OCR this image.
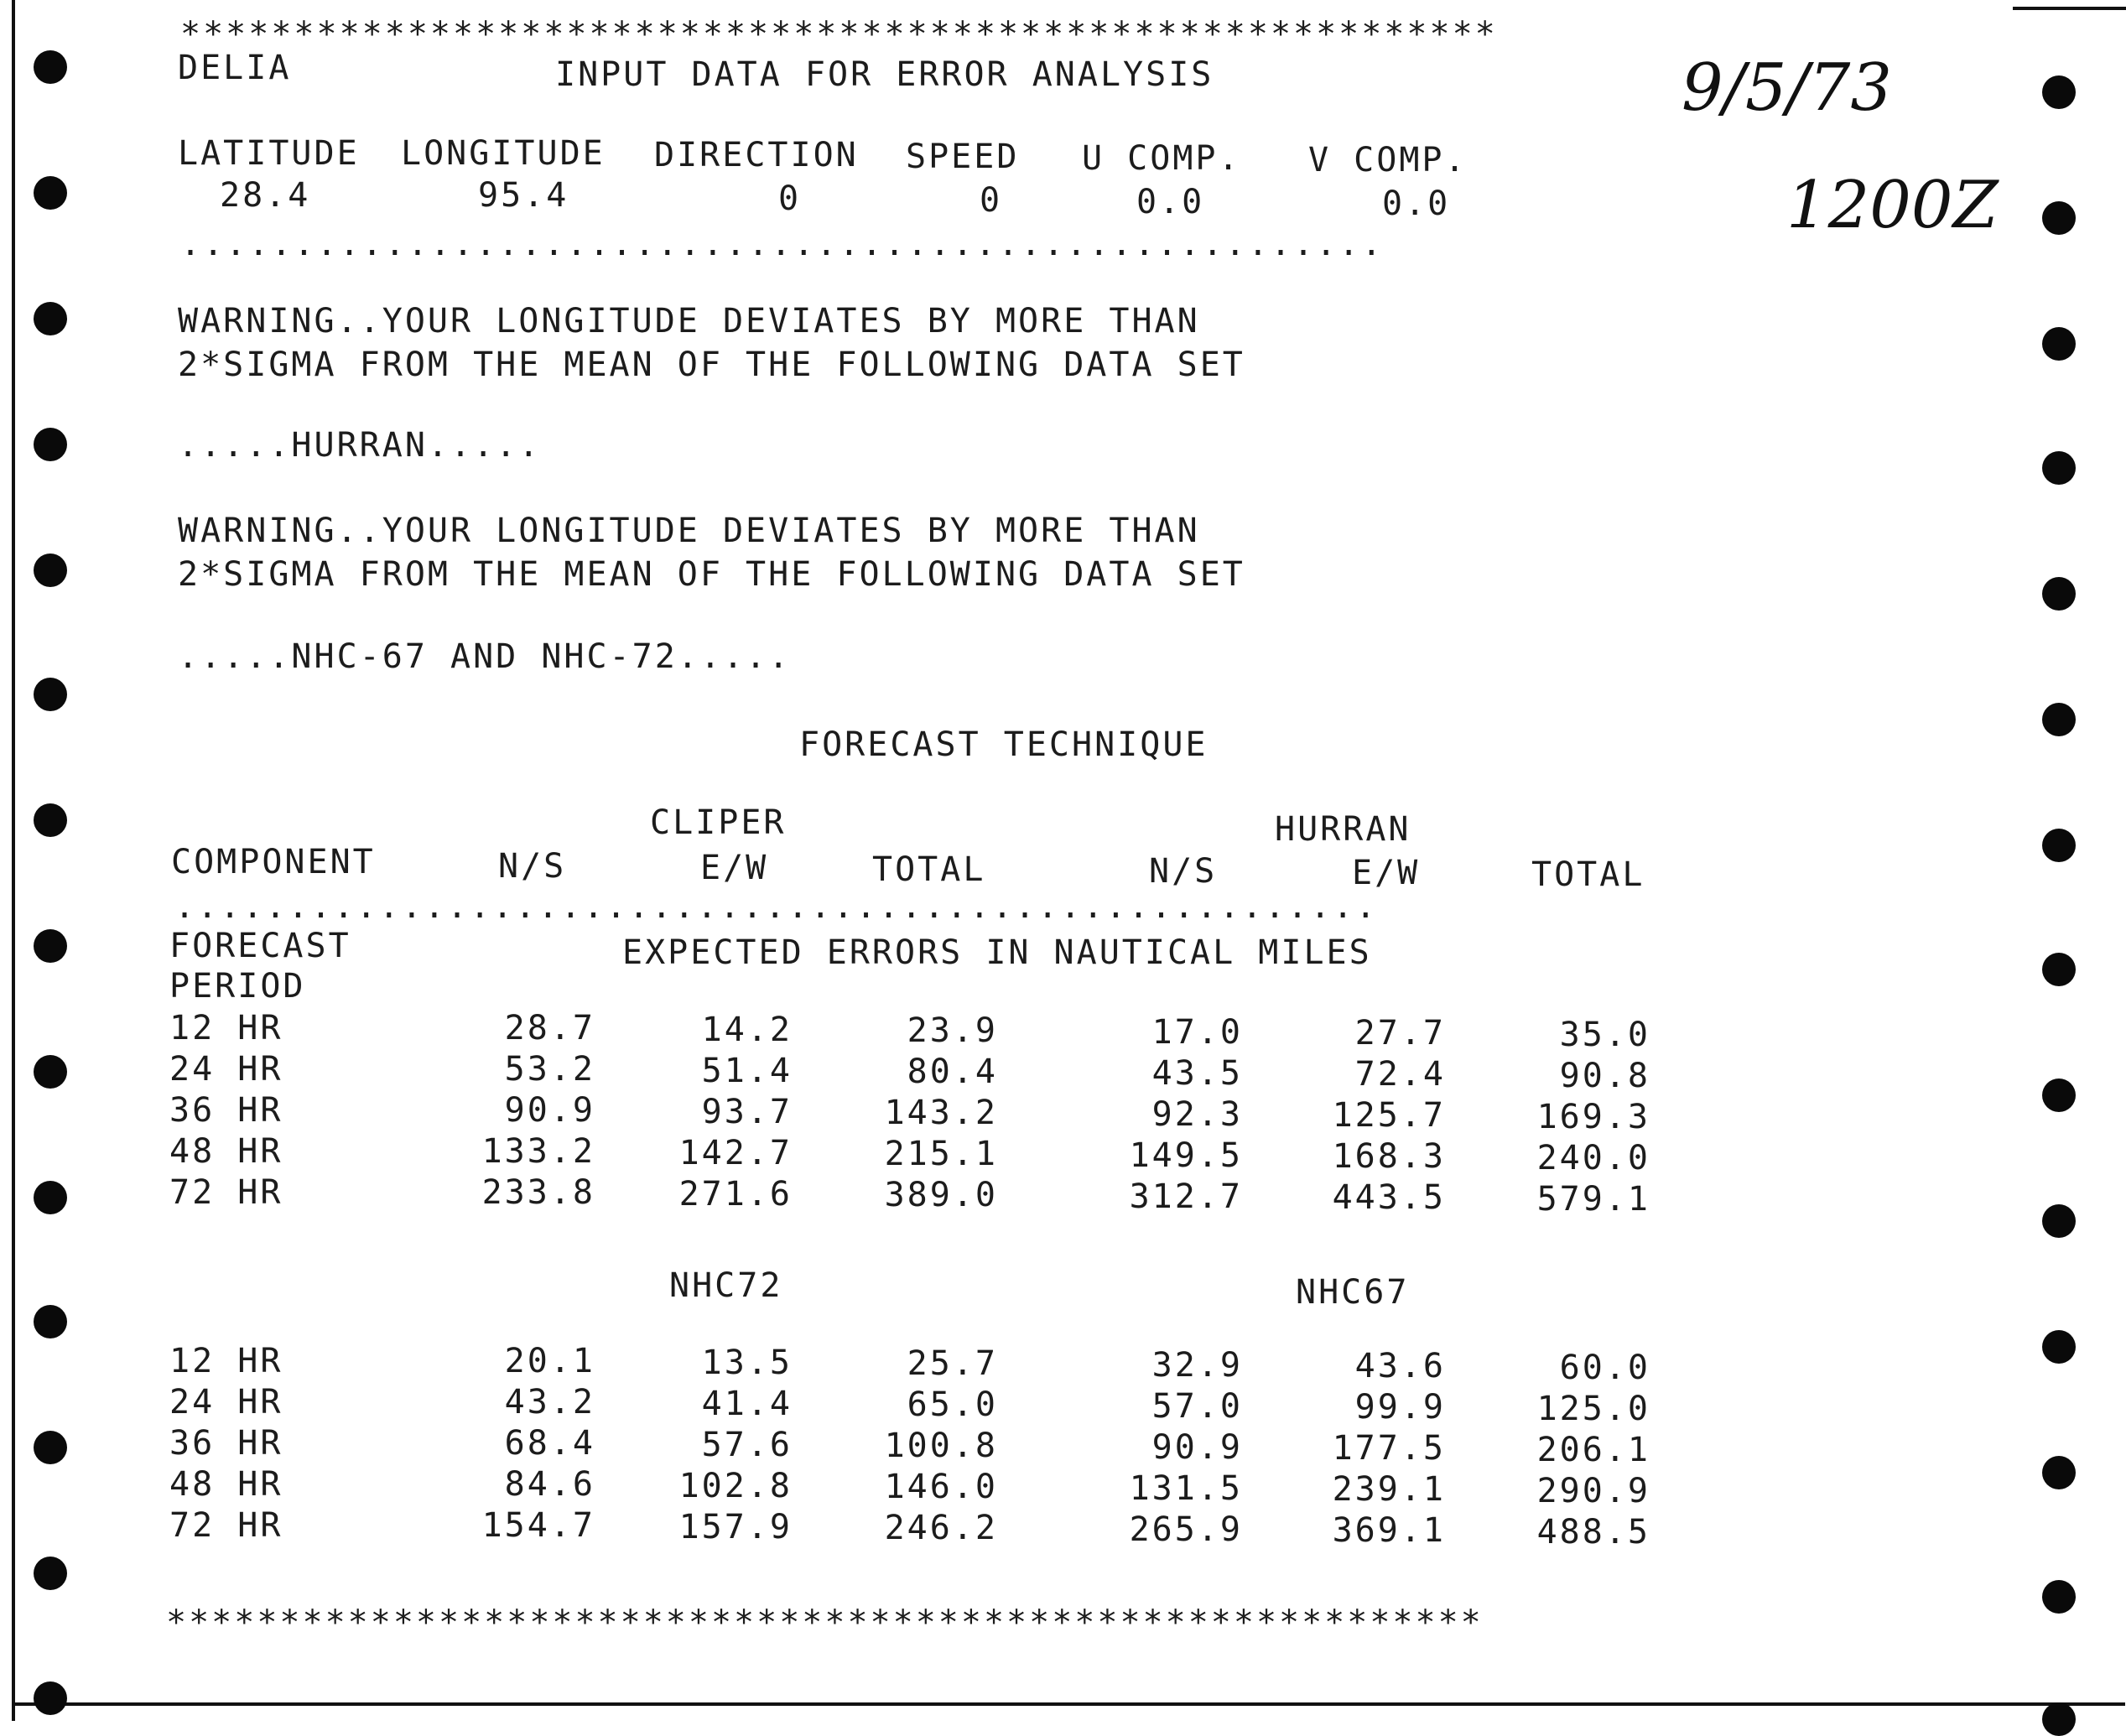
**********************************************************
DELIA	INPUT DATA FOR ERROR ANALYSIS	9/5/73
1200Z
LATITUDE LONGITUDE DIRECTION SPEED U COMP. V COMP.
28.4	95.4	0	0	0.0	0.0
.....................................................
WARNING..YOUR LONGITUDE DEVIATES BY MORE THAN
2*SIGMA FROM THE MEAN OF THE FOLLOWING DATA SET
.....HURRAN.....
WARNING..YOUR LONGITUDE DEVIATES BY MORE THAN
2*SIGMA FROM THE MEAN OF THE FOLLOWING DATA SET
.....NHC-67 AND NHC-72.....
FORECAST TECHNIQUE
CLIPER	HURRAN
COMPONENT	N/S	E/W	TOTAL	N/S	E/W	TOTAL
.....................................................
FORECAST
PERIOD
EXPECTED ERRORS IN NAUTICAL MILES
12 HR	28.7	14.2	23.9	17.0	27.7	35.0
24 HR	53.2	51.4	80.4	43.5	72.4	90.8
36 HR	90.9	93.7	143.2	92.3	125.7	169.3
48 HR	133.2	142.7	215.1	149.5	168.3	240.0
72 HR	233.8	271.6	389.0	312.7	443.5	579.1
NHC72	NHC67
12 HR	20.1	13.5	25.7	32.9	43.6	60.0
24 HR	43.2	41.4	65.0	57.0	99.9	125.0
36 HR	68.4	57.6	100.8	90.9	177.5	206.1
48 HR	84.6	102.8	146.0	131.5	239.1	290.9
72 HR	154.7	157.9	246.2	265.9	369.1	488.5
**********************************************************
